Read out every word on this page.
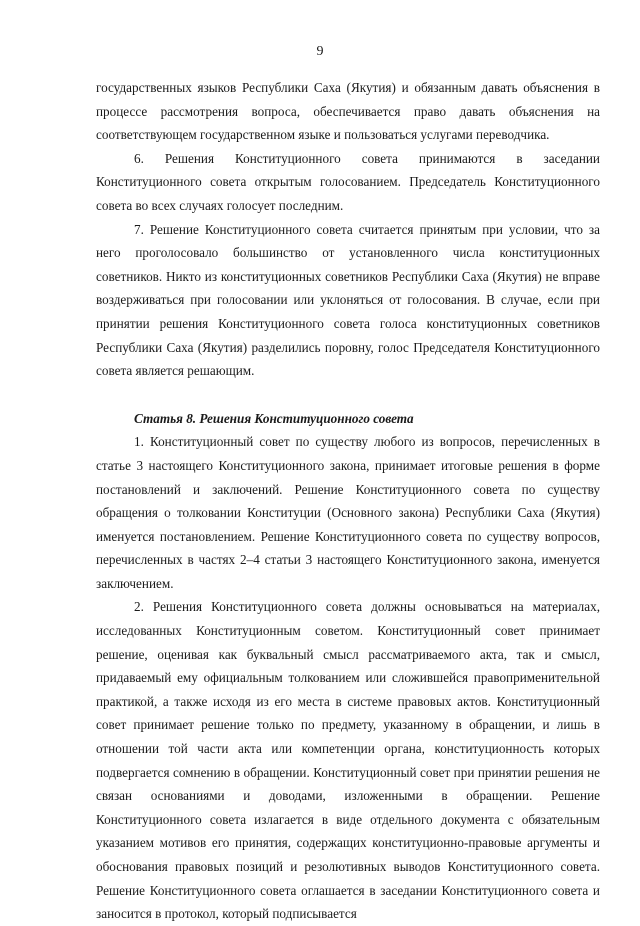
9

государственных языков Республики Саха (Якутия) и обязанным давать объяснения в процессе рассмотрения вопроса, обеспечивается право давать объяснения на соответствующем государственном языке и пользоваться услугами переводчика.

6. Решения Конституционного совета принимаются в заседании Конституционного совета открытым голосованием. Председатель Конституционного совета во всех случаях голосует последним.

7. Решение Конституционного совета считается принятым при условии, что за него проголосовало большинство от установленного числа конституционных советников. Никто из конституционных советников Республики Саха (Якутия) не вправе воздерживаться при голосовании или уклоняться от голосования. В случае, если при принятии решения Конституционного совета голоса конституционных советников Республики Саха (Якутия) разделились поровну, голос Председателя Конституционного совета является решающим.

Статья 8. Решения Конституционного совета

1. Конституционный совет по существу любого из вопросов, перечисленных в статье 3 настоящего Конституционного закона, принимает итоговые решения в форме постановлений и заключений. Решение Конституционного совета по существу обращения о толковании Конституции (Основного закона) Республики Саха (Якутия) именуется постановлением. Решение Конституционного совета по существу вопросов, перечисленных в частях 2–4 статьи 3 настоящего Конституционного закона, именуется заключением.

2. Решения Конституционного совета должны основываться на материалах, исследованных Конституционным советом. Конституционный совет принимает решение, оценивая как буквальный смысл рассматриваемого акта, так и смысл, придаваемый ему официальным толкованием или сложившейся правоприменительной практикой, а также исходя из его места в системе правовых актов. Конституционный совет принимает решение только по предмету, указанному в обращении, и лишь в отношении той части акта или компетенции органа, конституционность которых подвергается сомнению в обращении. Конституционный совет при принятии решения не связан основаниями и доводами, изложенными в обращении. Решение Конституционного совета излагается в виде отдельного документа с обязательным указанием мотивов его принятия, содержащих конституционно-правовые аргументы и обоснования правовых позиций и резолютивных выводов Конституционного совета. Решение Конституционного совета оглашается в заседании Конституционного совета и заносится в протокол, который подписывается
